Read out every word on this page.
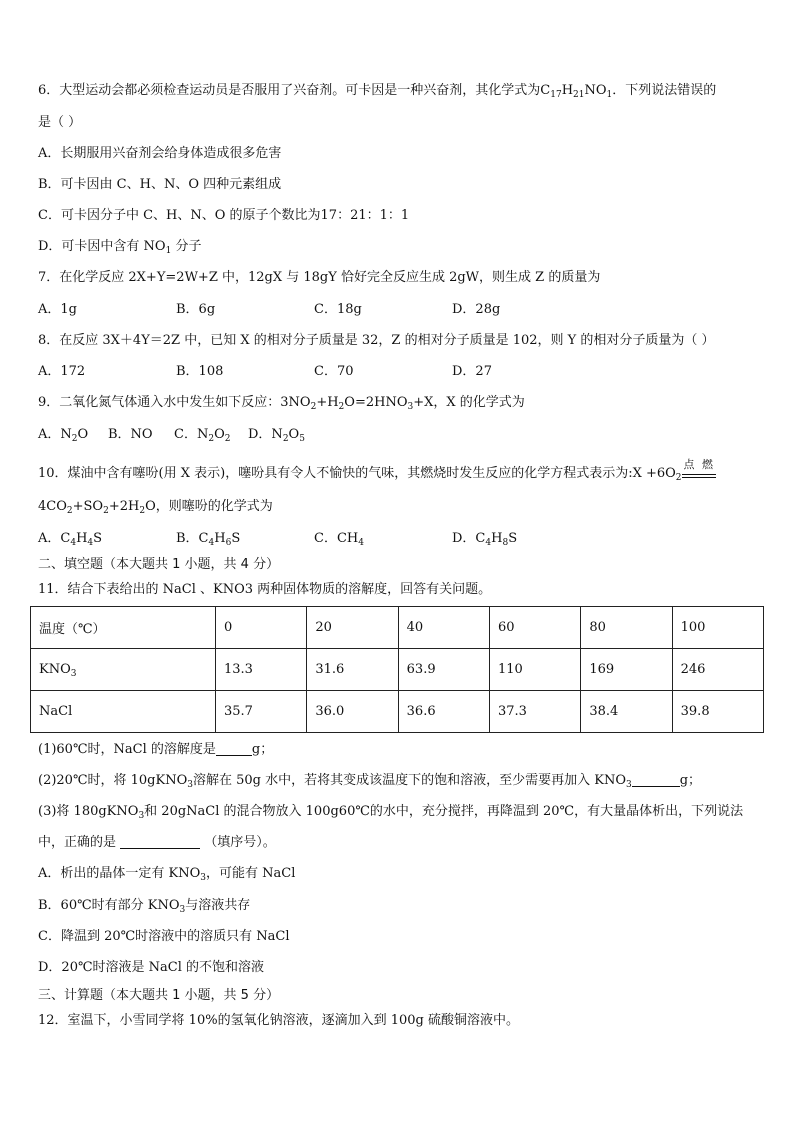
6．大型运动会都必须检查运动员是否服用了兴奋剂。可卡因是一种兴奋剂，其化学式为$C_{17}H_{21}NO_1$．下列说法错误的
是（ ）
A．长期服用兴奋剂会给身体造成很多危害
B．可卡因由 C、H、N、O 四种元素组成
C．可卡因分子中 C、H、N、O 的原子个数比为17：21：1：1
D．可卡因中含有 $NO_1$ 分子
7．在化学反应 2X+Y=2W+Z 中，12gX 与 18gY 恰好完全反应生成 2gW，则生成 Z 的质量为
A．1g	B．6g	C．18g	D．28g
8．在反应 3X＋4Y＝2Z 中，已知 X 的相对分子质量是 32，Z 的相对分子质量是 102，则 Y 的相对分子质量为（ ）
A．172	B．108	C．70	D．27
9．二氧化氮气体通入水中发生如下反应：$3NO_2+H_2O=2HNO_3+X$，X 的化学式为
A．$N_2O$ B．NO C．$N_2O_2$ D．$N_2O_5$
10．煤油中含有噻吩(用 X 表示)，噻吩具有令人不愉快的气味，其燃烧时发生反应的化学方程式表示为:X $+6O_2$
点 燃
$4CO_2+SO_2+2H_2O$，则噻吩的化学式为
A．$C_4H_4S$	B．$C_4H_6S$	C．$CH_4$	D．$C_4H_8S$
二、填空题（本大题共 1 小题，共 4 分）
11．结合下表给出的 NaCl 、KNO3 两种固体物质的溶解度，回答有关问题。
温度（℃）	0	20	40	60	80	100
$KNO_3$	13.3	31.6	63.9	110	169	246
NaCl	35.7	36.0	36.6	37.3	38.4	39.8
(1)60℃时，NaCl 的溶解度是	g；
(2)20℃时，将 10gKNO$_3$溶解在 50g 水中，若将其变成该温度下的饱和溶液，至少需要再加入 $KNO_3$	g；
(3)将 180gKNO$_3$和 20gNaCl 的混合物放入 100g60℃的水中，充分搅拌，再降温到 20℃，有大量晶体析出，下列说法
中，正确的是	（填序号）。
A．析出的晶体一定有 $KNO_3$，可能有 NaCl
B．60℃时有部分 $KNO_3$与溶液共存
C．降温到 20℃时溶液中的溶质只有 NaCl
D．20℃时溶液是 NaCl 的不饱和溶液
三、计算题（本大题共 1 小题，共 5 分）
12．室温下，小雪同学将 10%的氢氧化钠溶液，逐滴加入到 100g 硫酸铜溶液中。
